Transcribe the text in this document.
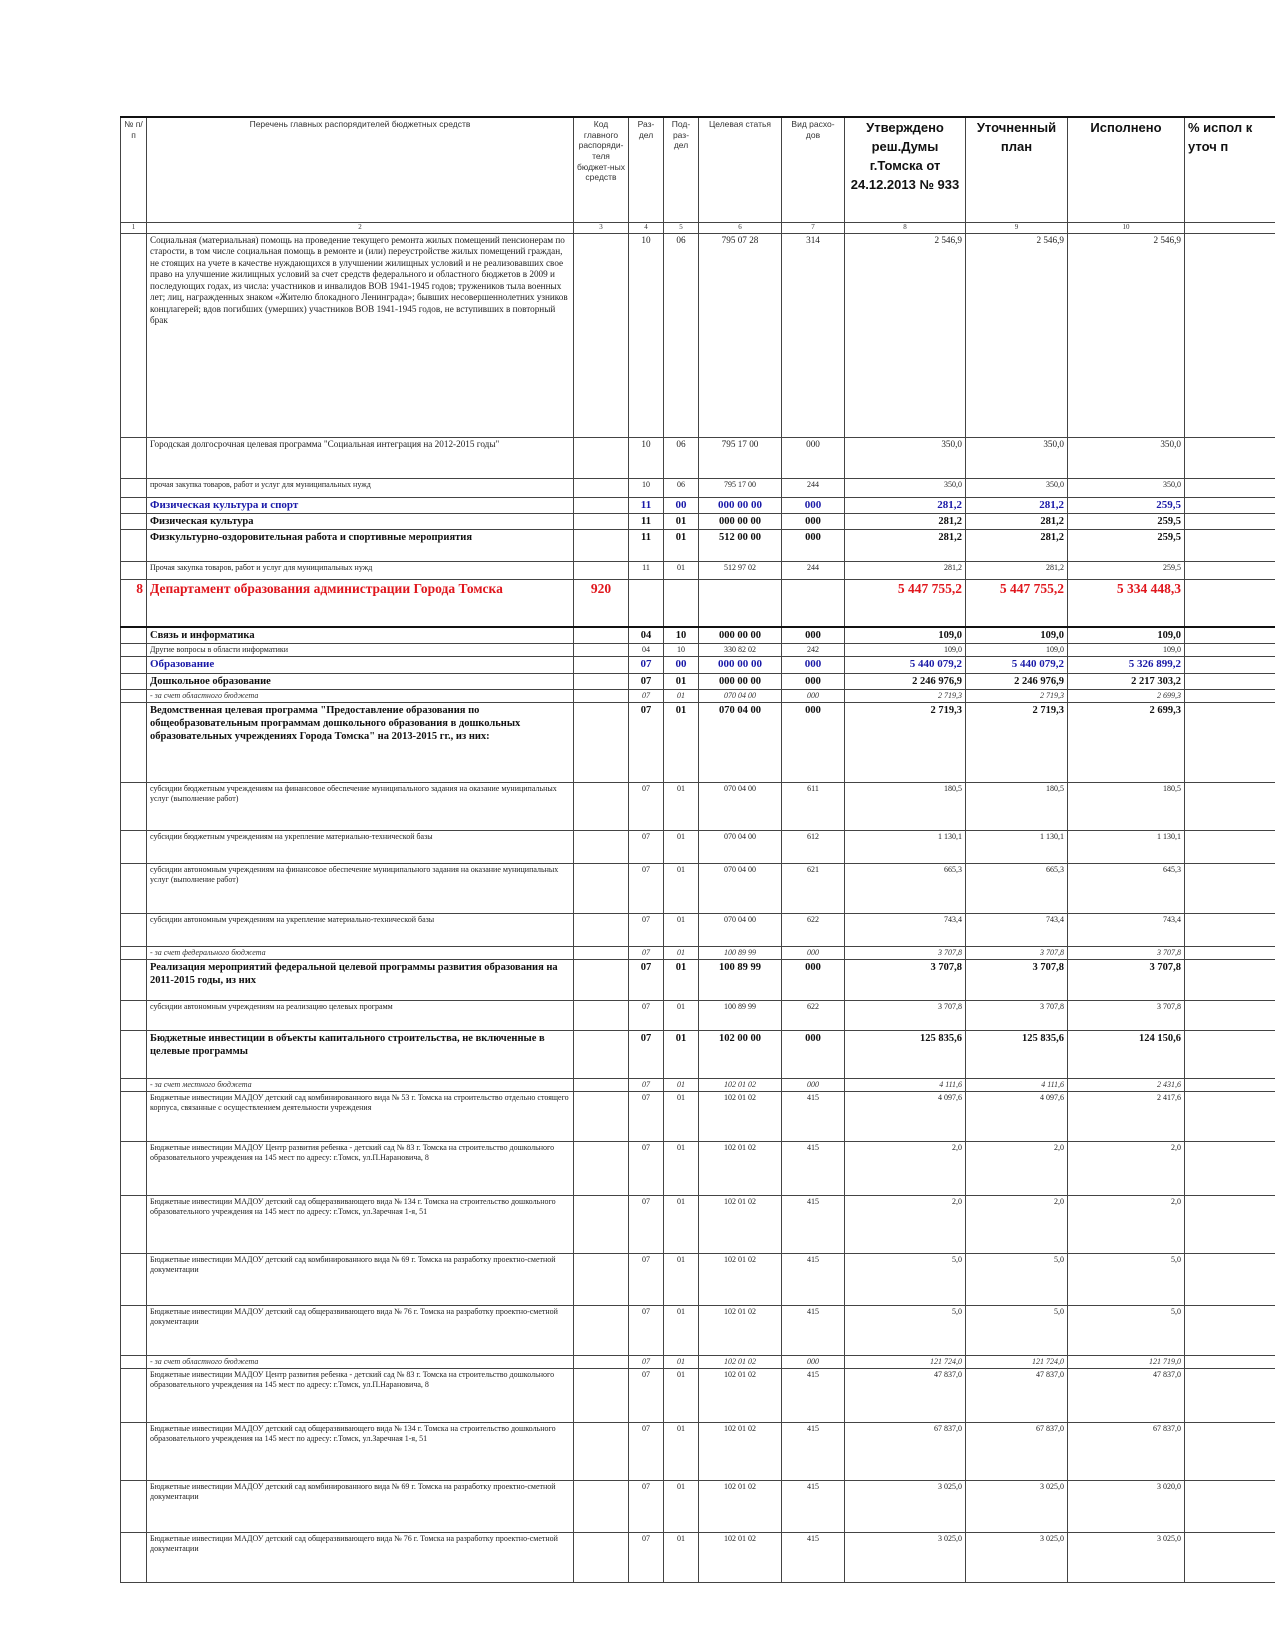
№ п/п	Перечень главных распорядителей бюджетных средств	Код главного распоряди-теля бюджет-ных средств	Раз-дел	Под-раз-дел	Целевая статья	Вид расхо-дов	Утверждено реш.Думы г.Томска от 24.12.2013 № 933	Уточненный план	Исполнено	% испол к уточ п
1	2	3	4	5	6	7	8	9	10	
	Социальная (материальная) помощь на проведение текущего ремонта жилых помещений пенсионерам по старости, в том числе социальная помощь в ремонте и (или) переустройстве жилых помещений граждан, не стоящих на учете в качестве нуждающихся в улучшении жилищных условий и не реализовавших свое право на улучшение жилищных условий за счет средств федерального и областного бюджетов в 2009 и последующих годах, из числа: участников и инвалидов ВОВ 1941-1945 годов; тружеников тыла военных лет; лиц, награжденных знаком «Жителю блокадного Ленинграда»; бывших несовершеннолетних узников концлагерей; вдов погибших (умерших) участников ВОВ 1941-1945 годов, не вступивших в повторный брак		10	06	795 07 28	314	2 546,9	2 546,9	2 546,9	
	Городская долгосрочная целевая программа "Социальная интеграция на 2012-2015 годы"		10	06	795 17 00	000	350,0	350,0	350,0	
	прочая закупка товаров, работ и услуг для муниципальных нужд		10	06	795 17 00	244	350,0	350,0	350,0	
	Физическая культура и спорт		11	00	000 00 00	000	281,2	281,2	259,5	
	Физическая культура		11	01	000 00 00	000	281,2	281,2	259,5	
	Физкультурно-оздоровительная работа и спортивные мероприятия		11	01	512 00 00	000	281,2	281,2	259,5	
	Прочая закупка товаров, работ и услуг для муниципальных нужд		11	01	512 97 02	244	281,2	281,2	259,5	
8	Департамент образования администрации Города Томска	920					5 447 755,2	5 447 755,2	5 334 448,3	
	Связь и информатика		04	10	000 00 00	000	109,0	109,0	109,0	
	Другие вопросы в области информатики		04	10	330 82 02	242	109,0	109,0	109,0	
	Образование		07	00	000 00 00	000	5 440 079,2	5 440 079,2	5 326 899,2	
	Дошкольное образование		07	01	000 00 00	000	2 246 976,9	2 246 976,9	2 217 303,2	
	- за счет областного бюджета		07	01	070 04 00	000	2 719,3	2 719,3	2 699,3	
	Ведомственная целевая программа "Предоставление образования по общеобразовательным программам дошкольного образования в дошкольных образовательных учреждениях Города Томска" на 2013-2015 гг., из них:		07	01	070 04 00	000	2 719,3	2 719,3	2 699,3	
	субсидии бюджетным учреждениям на финансовое обеспечение муниципального задания на оказание муниципальных услуг (выполнение работ)		07	01	070 04 00	611	180,5	180,5	180,5	
	субсидии бюджетным учреждениям на укрепление материально-технической базы		07	01	070 04 00	612	1 130,1	1 130,1	1 130,1	
	субсидии автономным учреждениям на финансовое обеспечение муниципального задания на оказание муниципальных услуг (выполнение работ)		07	01	070 04 00	621	665,3	665,3	645,3	
	субсидии автономным учреждениям на укрепление материально-технической базы		07	01	070 04 00	622	743,4	743,4	743,4	
	- за счет федерального бюджета		07	01	100 89 99	000	3 707,8	3 707,8	3 707,8	
	Реализация мероприятий федеральной целевой программы развития образования на 2011-2015 годы, из них		07	01	100 89 99	000	3 707,8	3 707,8	3 707,8	
	субсидии автономным учреждениям на реализацию целевых программ		07	01	100 89 99	622	3 707,8	3 707,8	3 707,8	
	Бюджетные инвестиции в объекты капитального строительства, не включенные в целевые программы		07	01	102 00 00	000	125 835,6	125 835,6	124 150,6	
	- за счет местного бюджета		07	01	102 01 02	000	4 111,6	4 111,6	2 431,6	
	Бюджетные инвестиции МАДОУ детский сад комбинированного вида № 53 г. Томска на строительство отдельно стоящего корпуса, связанные с осуществлением деятельности учреждения		07	01	102 01 02	415	4 097,6	4 097,6	2 417,6	
	Бюджетные инвестиции МАДОУ Центр развития ребенка - детский сад № 83 г. Томска на строительство дошкольного образовательного учреждения на 145 мест по адресу: г.Томск, ул.П.Нарановича, 8		07	01	102 01 02	415	2,0	2,0	2,0	
	Бюджетные инвестиции МАДОУ детский сад общеразвивающего вида № 134 г. Томска на строительство дошкольного образовательного учреждения на 145 мест по адресу: г.Томск, ул.Заречная 1-я, 51		07	01	102 01 02	415	2,0	2,0	2,0	
	Бюджетные инвестиции МАДОУ детский сад комбинированного вида № 69 г. Томска на разработку проектно-сметной документации		07	01	102 01 02	415	5,0	5,0	5,0	
	Бюджетные инвестиции МАДОУ детский сад общеразвивающего вида № 76 г. Томска на разработку проектно-сметной документации		07	01	102 01 02	415	5,0	5,0	5,0	
	- за счет областного бюджета		07	01	102 01 02	000	121 724,0	121 724,0	121 719,0	
	Бюджетные инвестиции МАДОУ Центр развития ребенка - детский сад № 83 г. Томска на строительство дошкольного образовательного учреждения на 145 мест по адресу: г.Томск, ул.П.Нарановича, 8		07	01	102 01 02	415	47 837,0	47 837,0	47 837,0	
	Бюджетные инвестиции МАДОУ детский сад общеразвивающего вида № 134 г. Томска на строительство дошкольного образовательного учреждения на 145 мест по адресу: г.Томск, ул.Заречная 1-я, 51		07	01	102 01 02	415	67 837,0	67 837,0	67 837,0	
	Бюджетные инвестиции МАДОУ детский сад комбинированного вида № 69 г. Томска на разработку проектно-сметной документации		07	01	102 01 02	415	3 025,0	3 025,0	3 020,0	
	Бюджетные инвестиции МАДОУ детский сад общеразвивающего вида № 76 г. Томска на разработку проектно-сметной документации		07	01	102 01 02	415	3 025,0	3 025,0	3 025,0	
